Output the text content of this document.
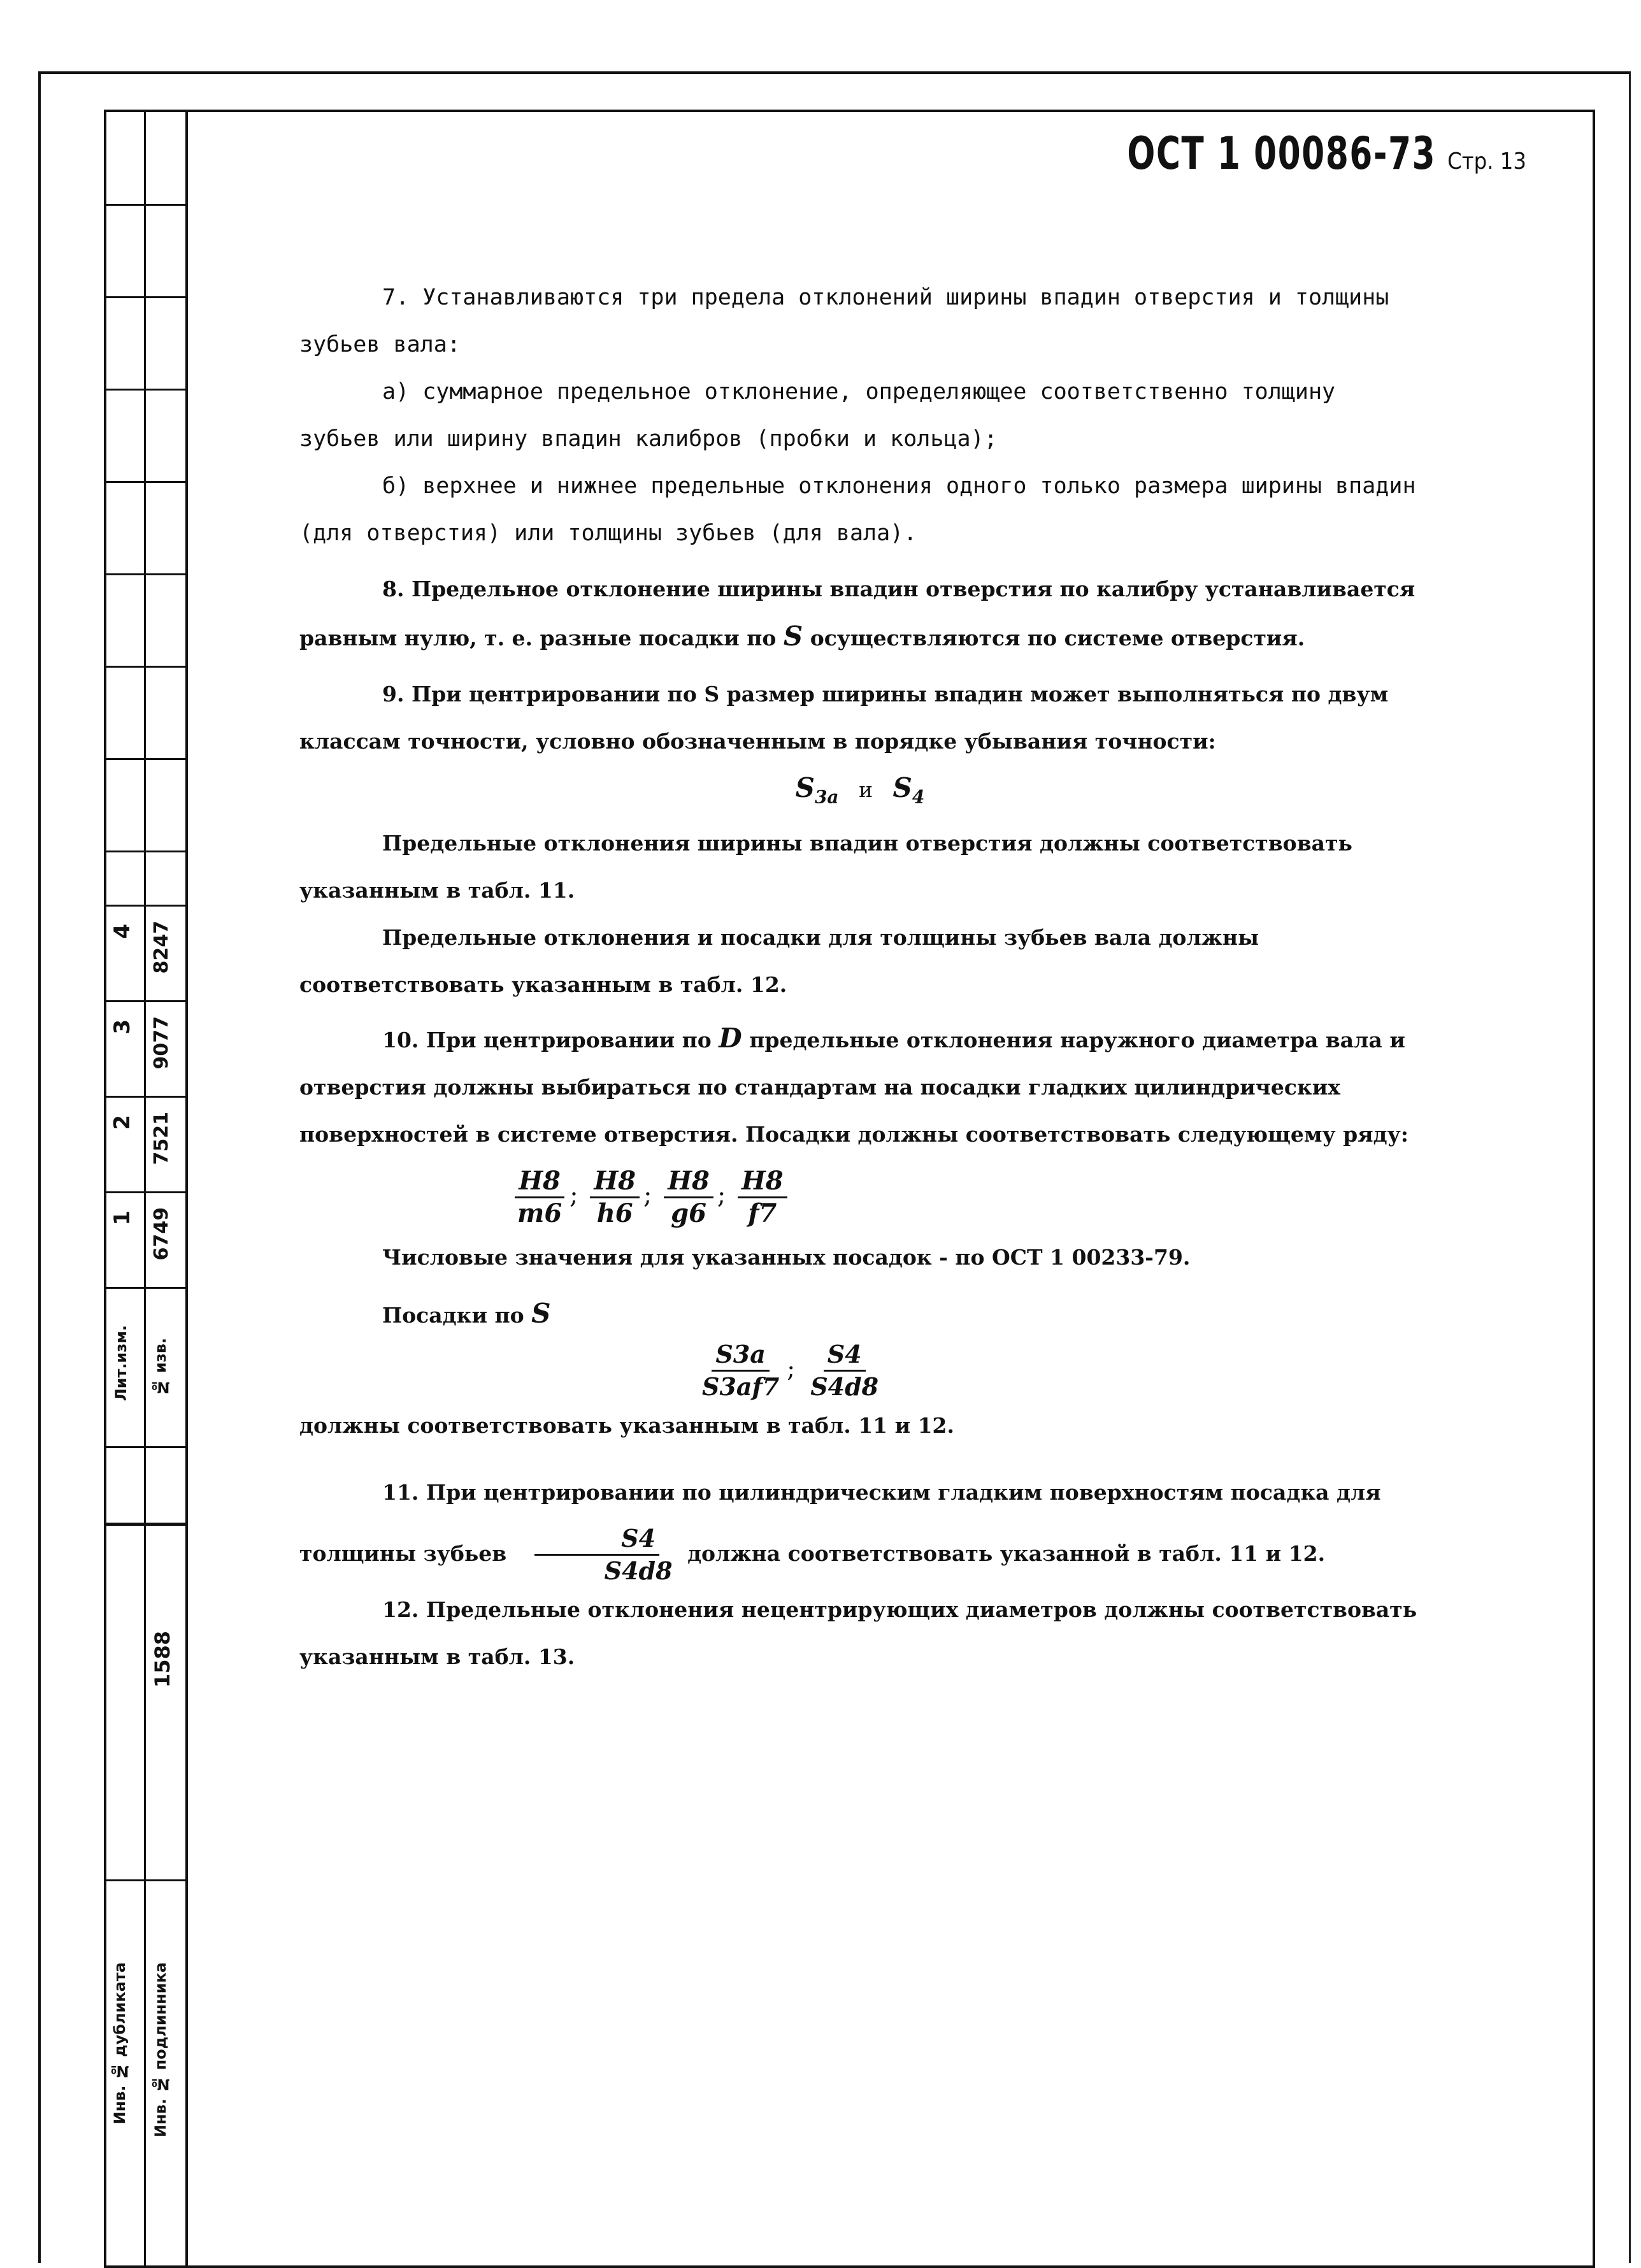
4 8247
3 9077
2 7521
1 6749
Лит.изм.	№ изв.
1588
Инв. № дубликата	Инв. № подлинника
ОСТ 1 00086-73 Стр. 13

7. Устанавливаются три предела отклонений ширины впадин отверстия и толщины зубьев вала:

а) суммарное предельное отклонение, определяющее соответственно толщину зубьев или ширину впадин калибров (пробки и кольца);

б) верхнее и нижнее предельные отклонения одного только размера ширины впадин (для отверстия) или толщины зубьев (для вала).

8. Предельное отклонение ширины впадин отверстия по калибру устанавливается равным нулю, т. е. разные посадки по S осуществляются по системе отверстия.

9. При центрировании по S размер ширины впадин может выполняться по двум классам точности, условно обозначенным в порядке убывания точности:

$S_{3a}$ и $S_4$

Предельные отклонения ширины впадин отверстия должны соответствовать указанным в табл. 11.

Предельные отклонения и посадки для толщины зубьев вала должны соответствовать указанным в табл. 12.

10. При центрировании по D предельные отклонения наружного диаметра вала и отверстия должны выбираться по стандартам на посадки гладких цилиндрических поверхностей в системе отверстия. Посадки должны соответствовать следующему ряду:

$\frac{H8}{m6}$ ; $\frac{H8}{h6}$ ; $\frac{H8}{g6}$ ; $\frac{H8}{f7}$

Числовые значения для указанных посадок - по ОСТ 1 00233-79.

Посадки по S

$\frac{S3a}{S3af7}$ ; $\frac{S4}{S4d8}$

должны соответствовать указанным в табл. 11 и 12.

11. При центрировании по цилиндрическим гладким поверхностям посадка для толщины зубьев $\frac{S4}{S4d8}$ должна соответствовать указанной в табл. 11 и 12.

12. Предельные отклонения нецентрирующих диаметров должны соответствовать указанным в табл. 13.
